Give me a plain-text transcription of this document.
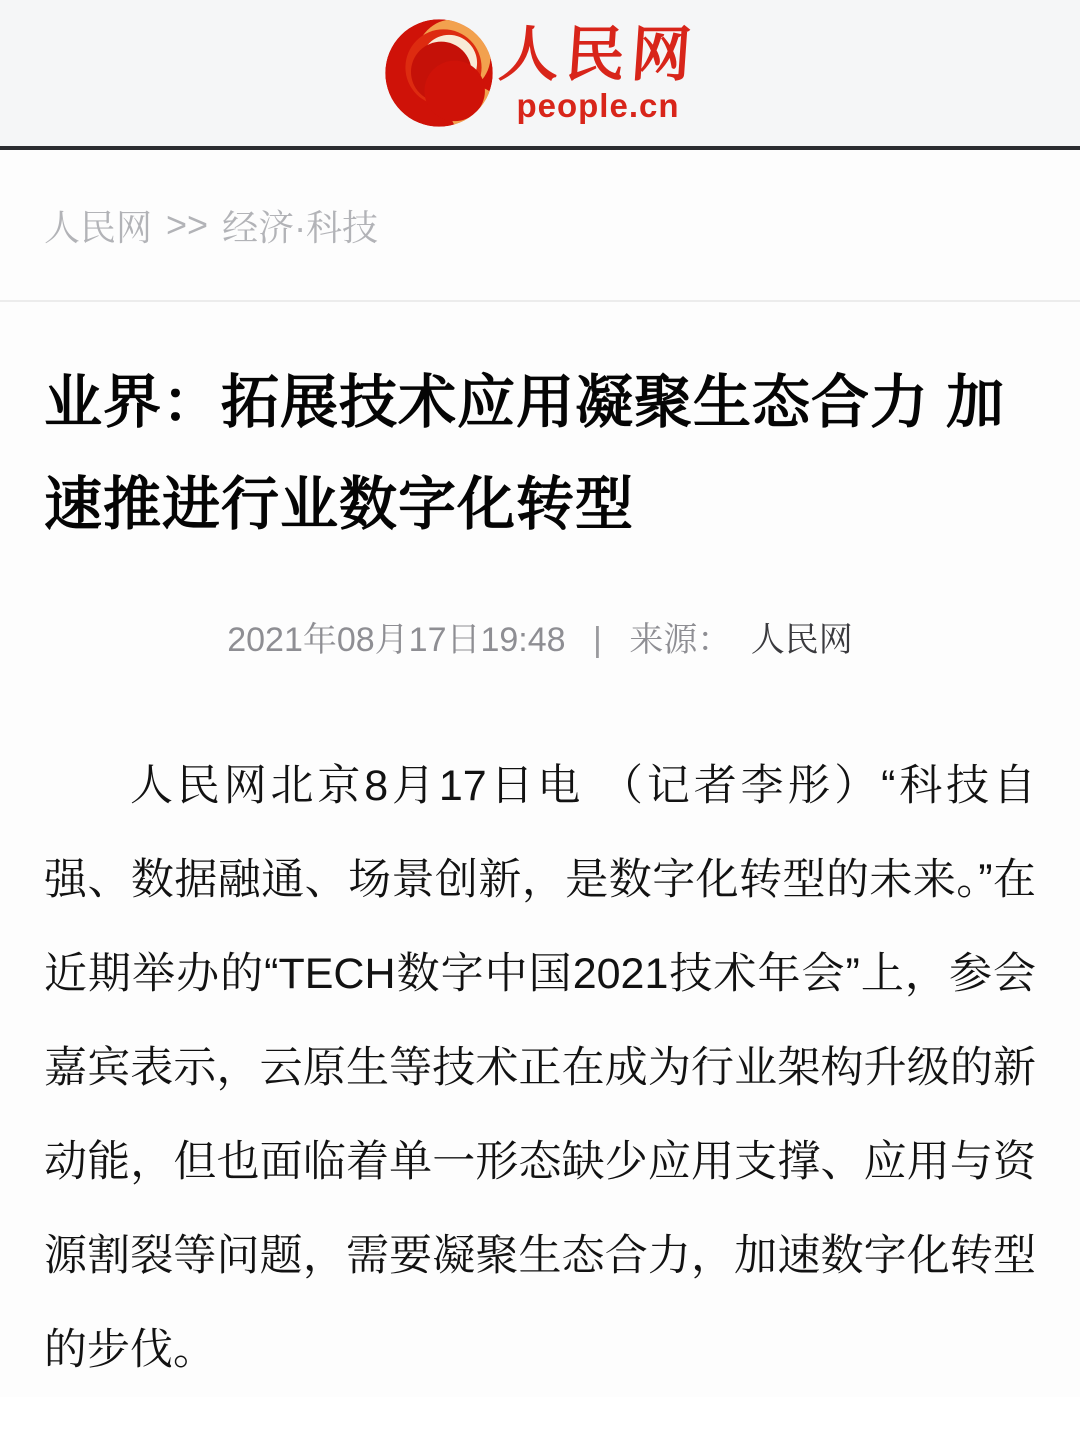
人民网
people.cn
人民网 >> 经济·科技
业界：拓展技术应用凝聚生态合力 加速推进行业数字化转型
2021年08月17日19:48 | 来源： 人民网

人民网北京8月17日电 （记者李彤）“科技自强、数据融通、场景创新，是数字化转型的未来。”在近期举办的“TECH数字中国2021技术年会”上，参会嘉宾表示，云原生等技术正在成为行业架构升级的新动能，但也面临着单一形态缺少应用支撑、应用与资源割裂等问题，需要凝聚生态合力，加速数字化转型的步伐。
